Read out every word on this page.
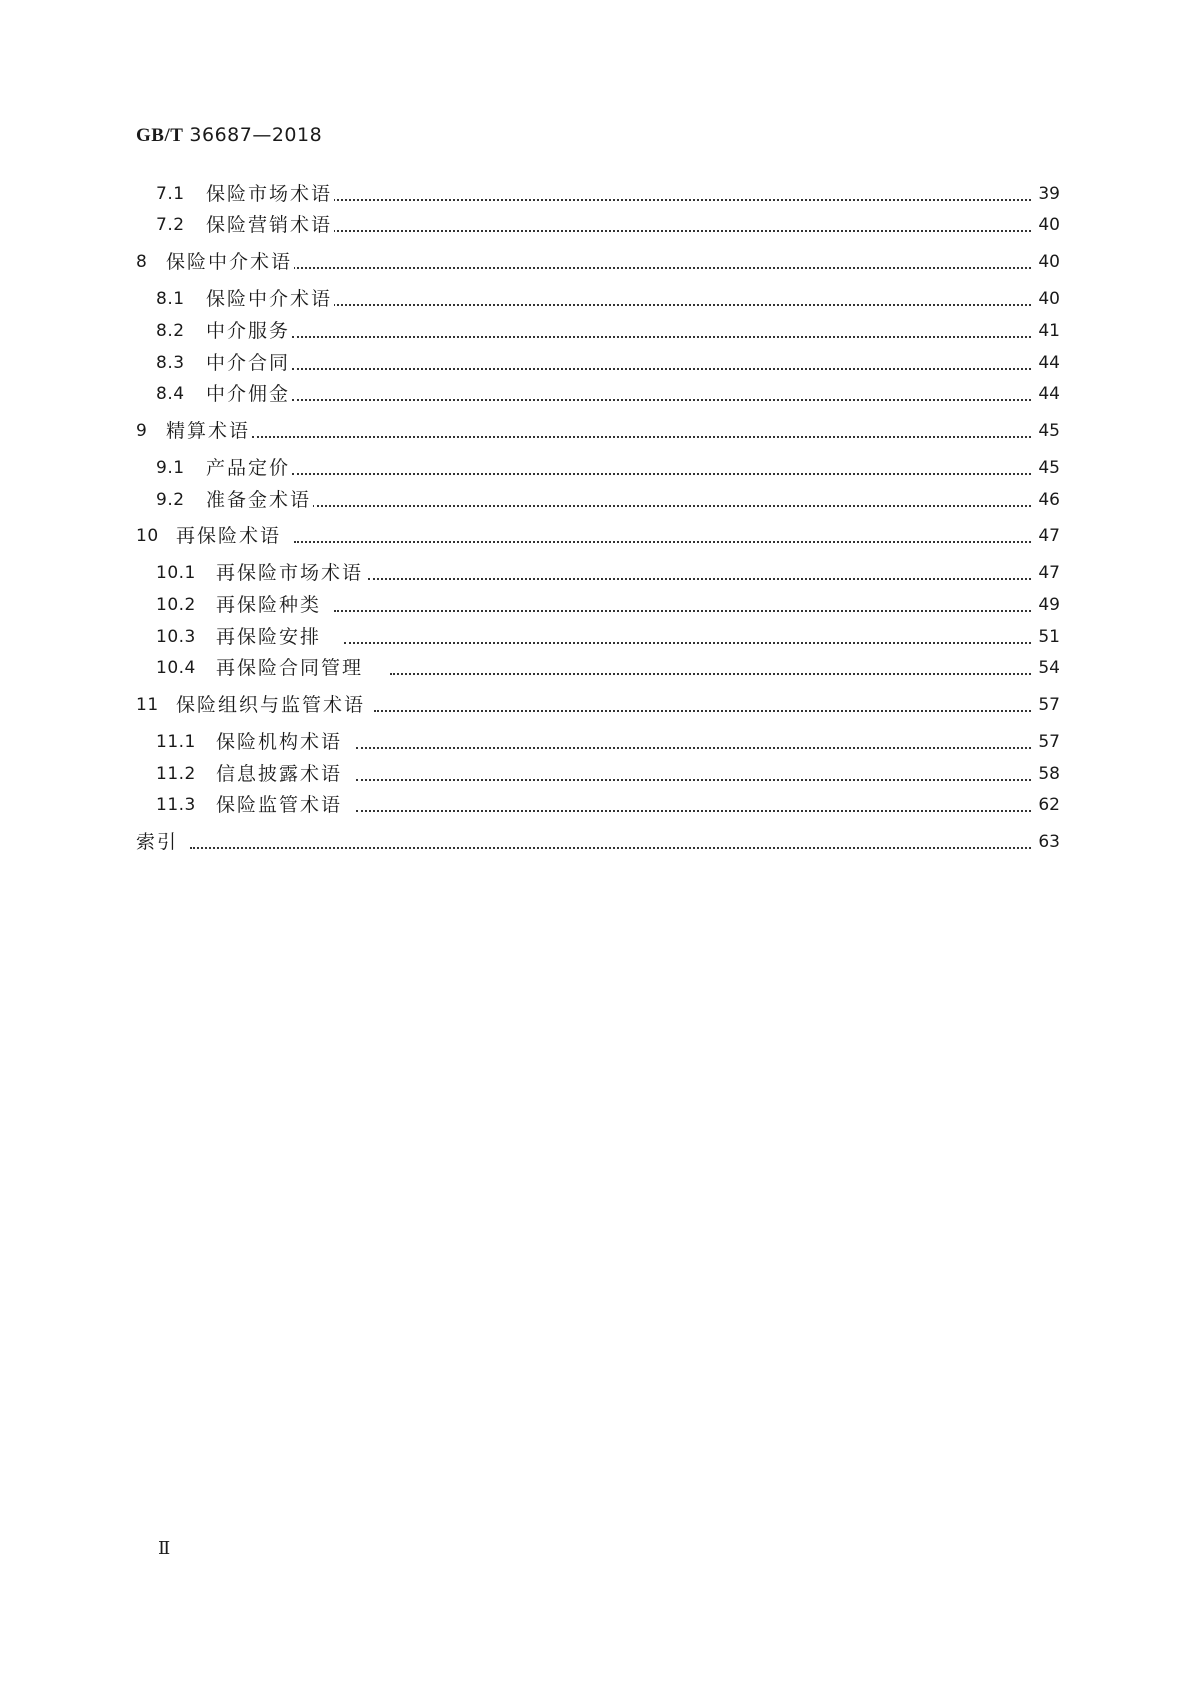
GB/T 36687—2018
7.1 保险市场术语	39
7.2 保险营销术语	40
8 保险中介术语	40
8.1 保险中介术语	40
8.2 中介服务	41
8.3 中介合同	44
8.4 中介佣金	44
9 精算术语	45
9.1 产品定价	45
9.2 准备金术语	46
10 再保险术语	47
10.1 再保险市场术语	47
10.2 再保险种类	49
10.3 再保险安排	51
10.4 再保险合同管理	54
11 保险组织与监管术语	57
11.1 保险机构术语	57
11.2 信息披露术语	58
11.3 保险监管术语	62
索引	63
Ⅱ
